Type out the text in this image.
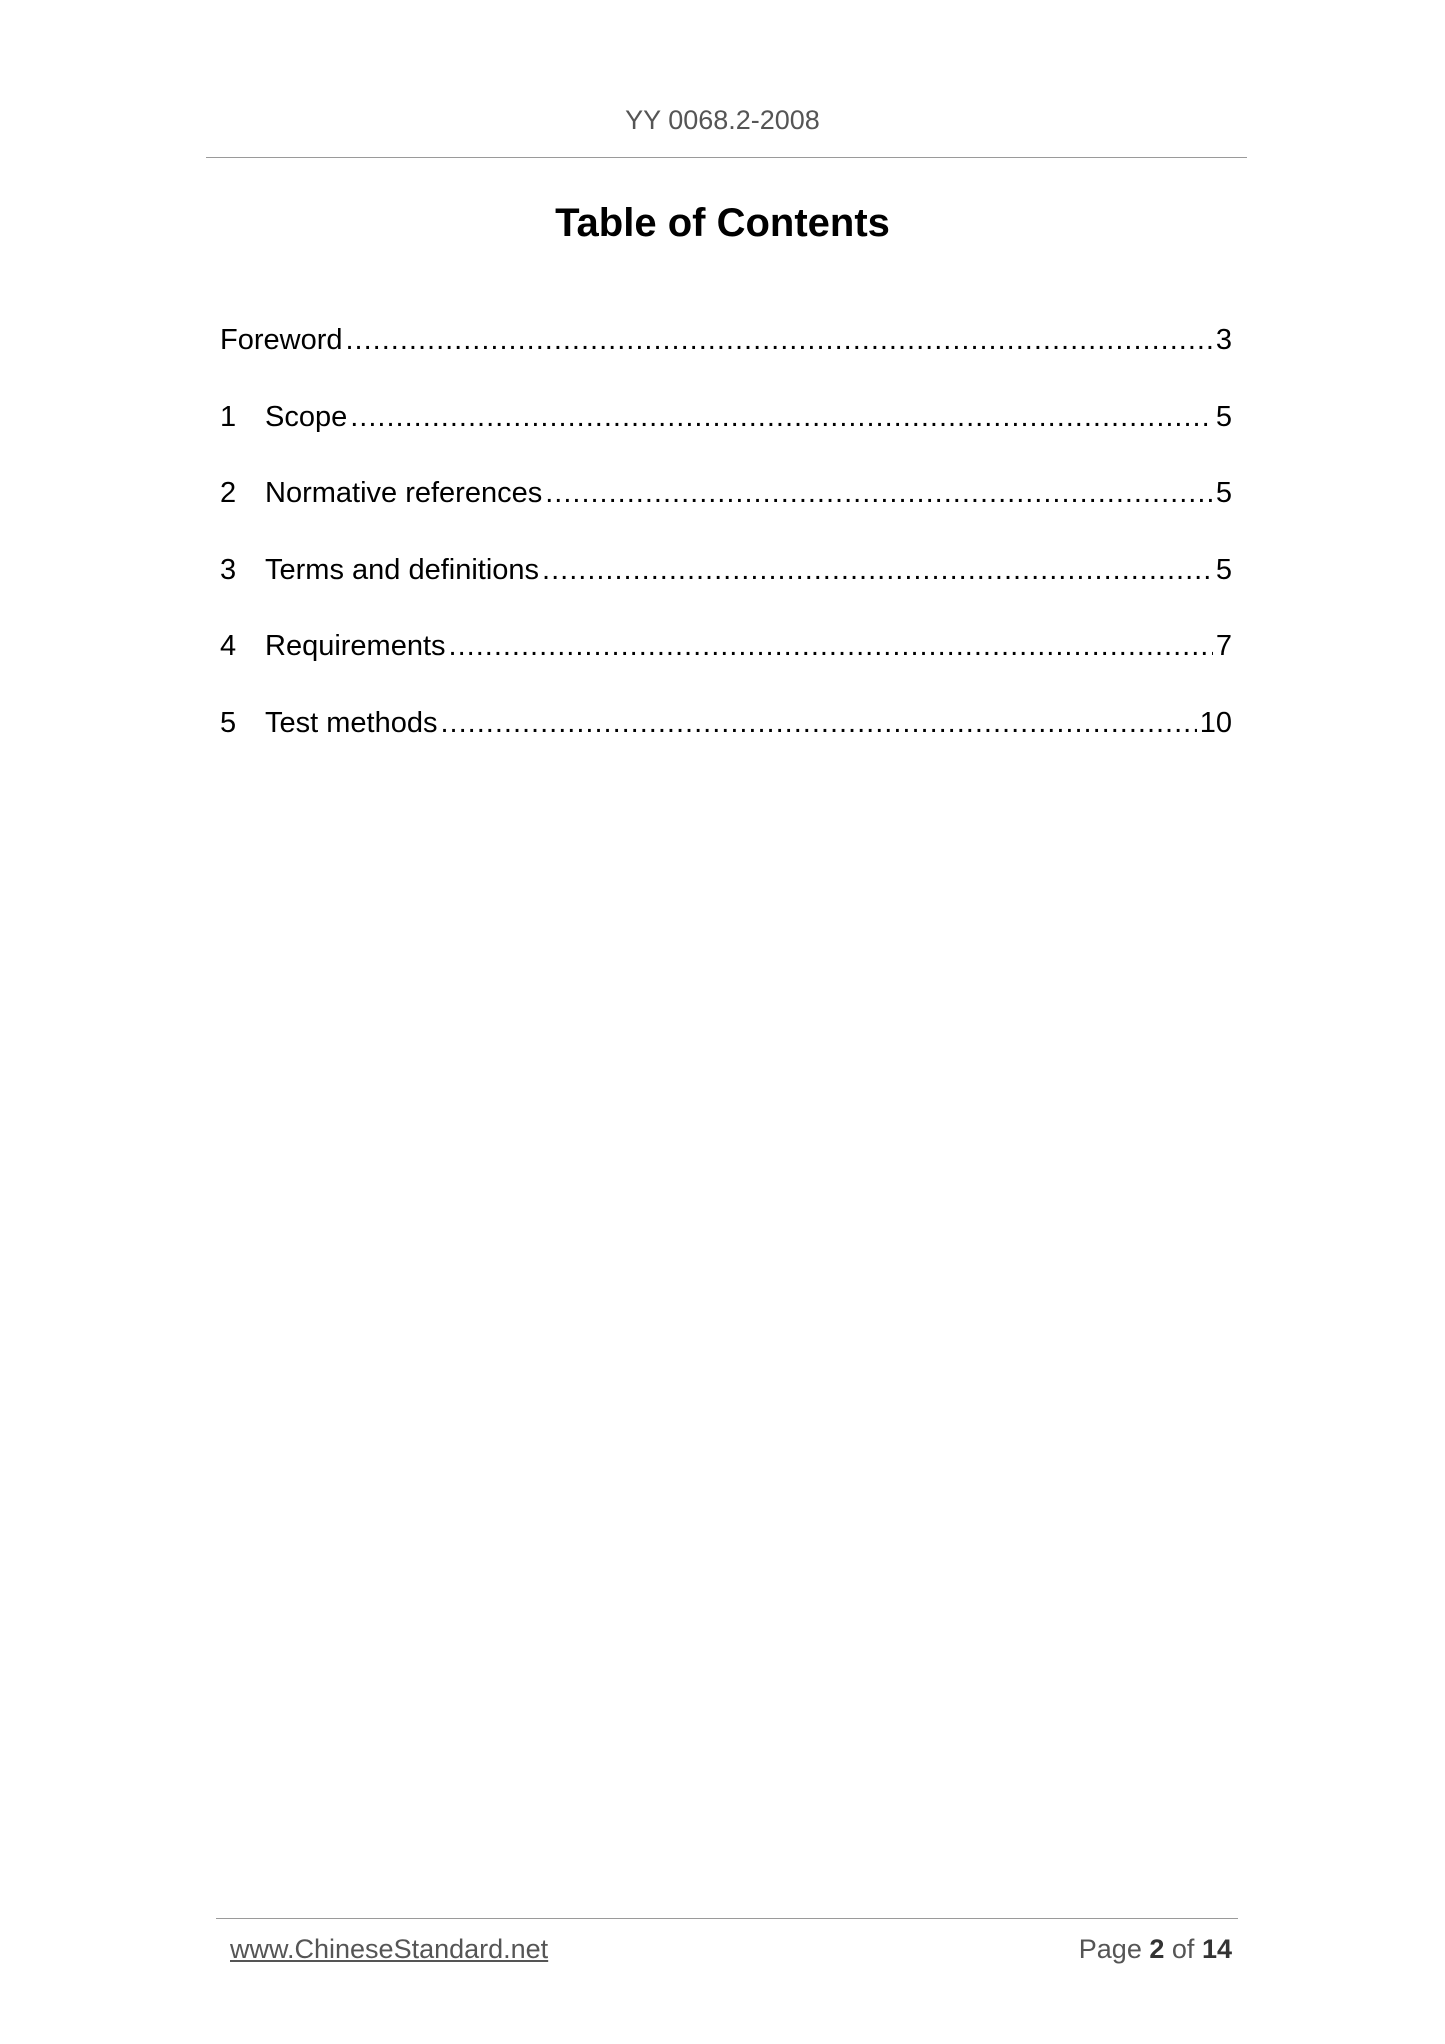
YY 0068.2-2008
Table of Contents
Foreword .....	3
1 Scope .....	5
2 Normative references .....	5
3 Terms and definitions .....	5
4 Requirements .....	7
5 Test methods .....	10
www.ChineseStandard.net	Page 2 of 14
